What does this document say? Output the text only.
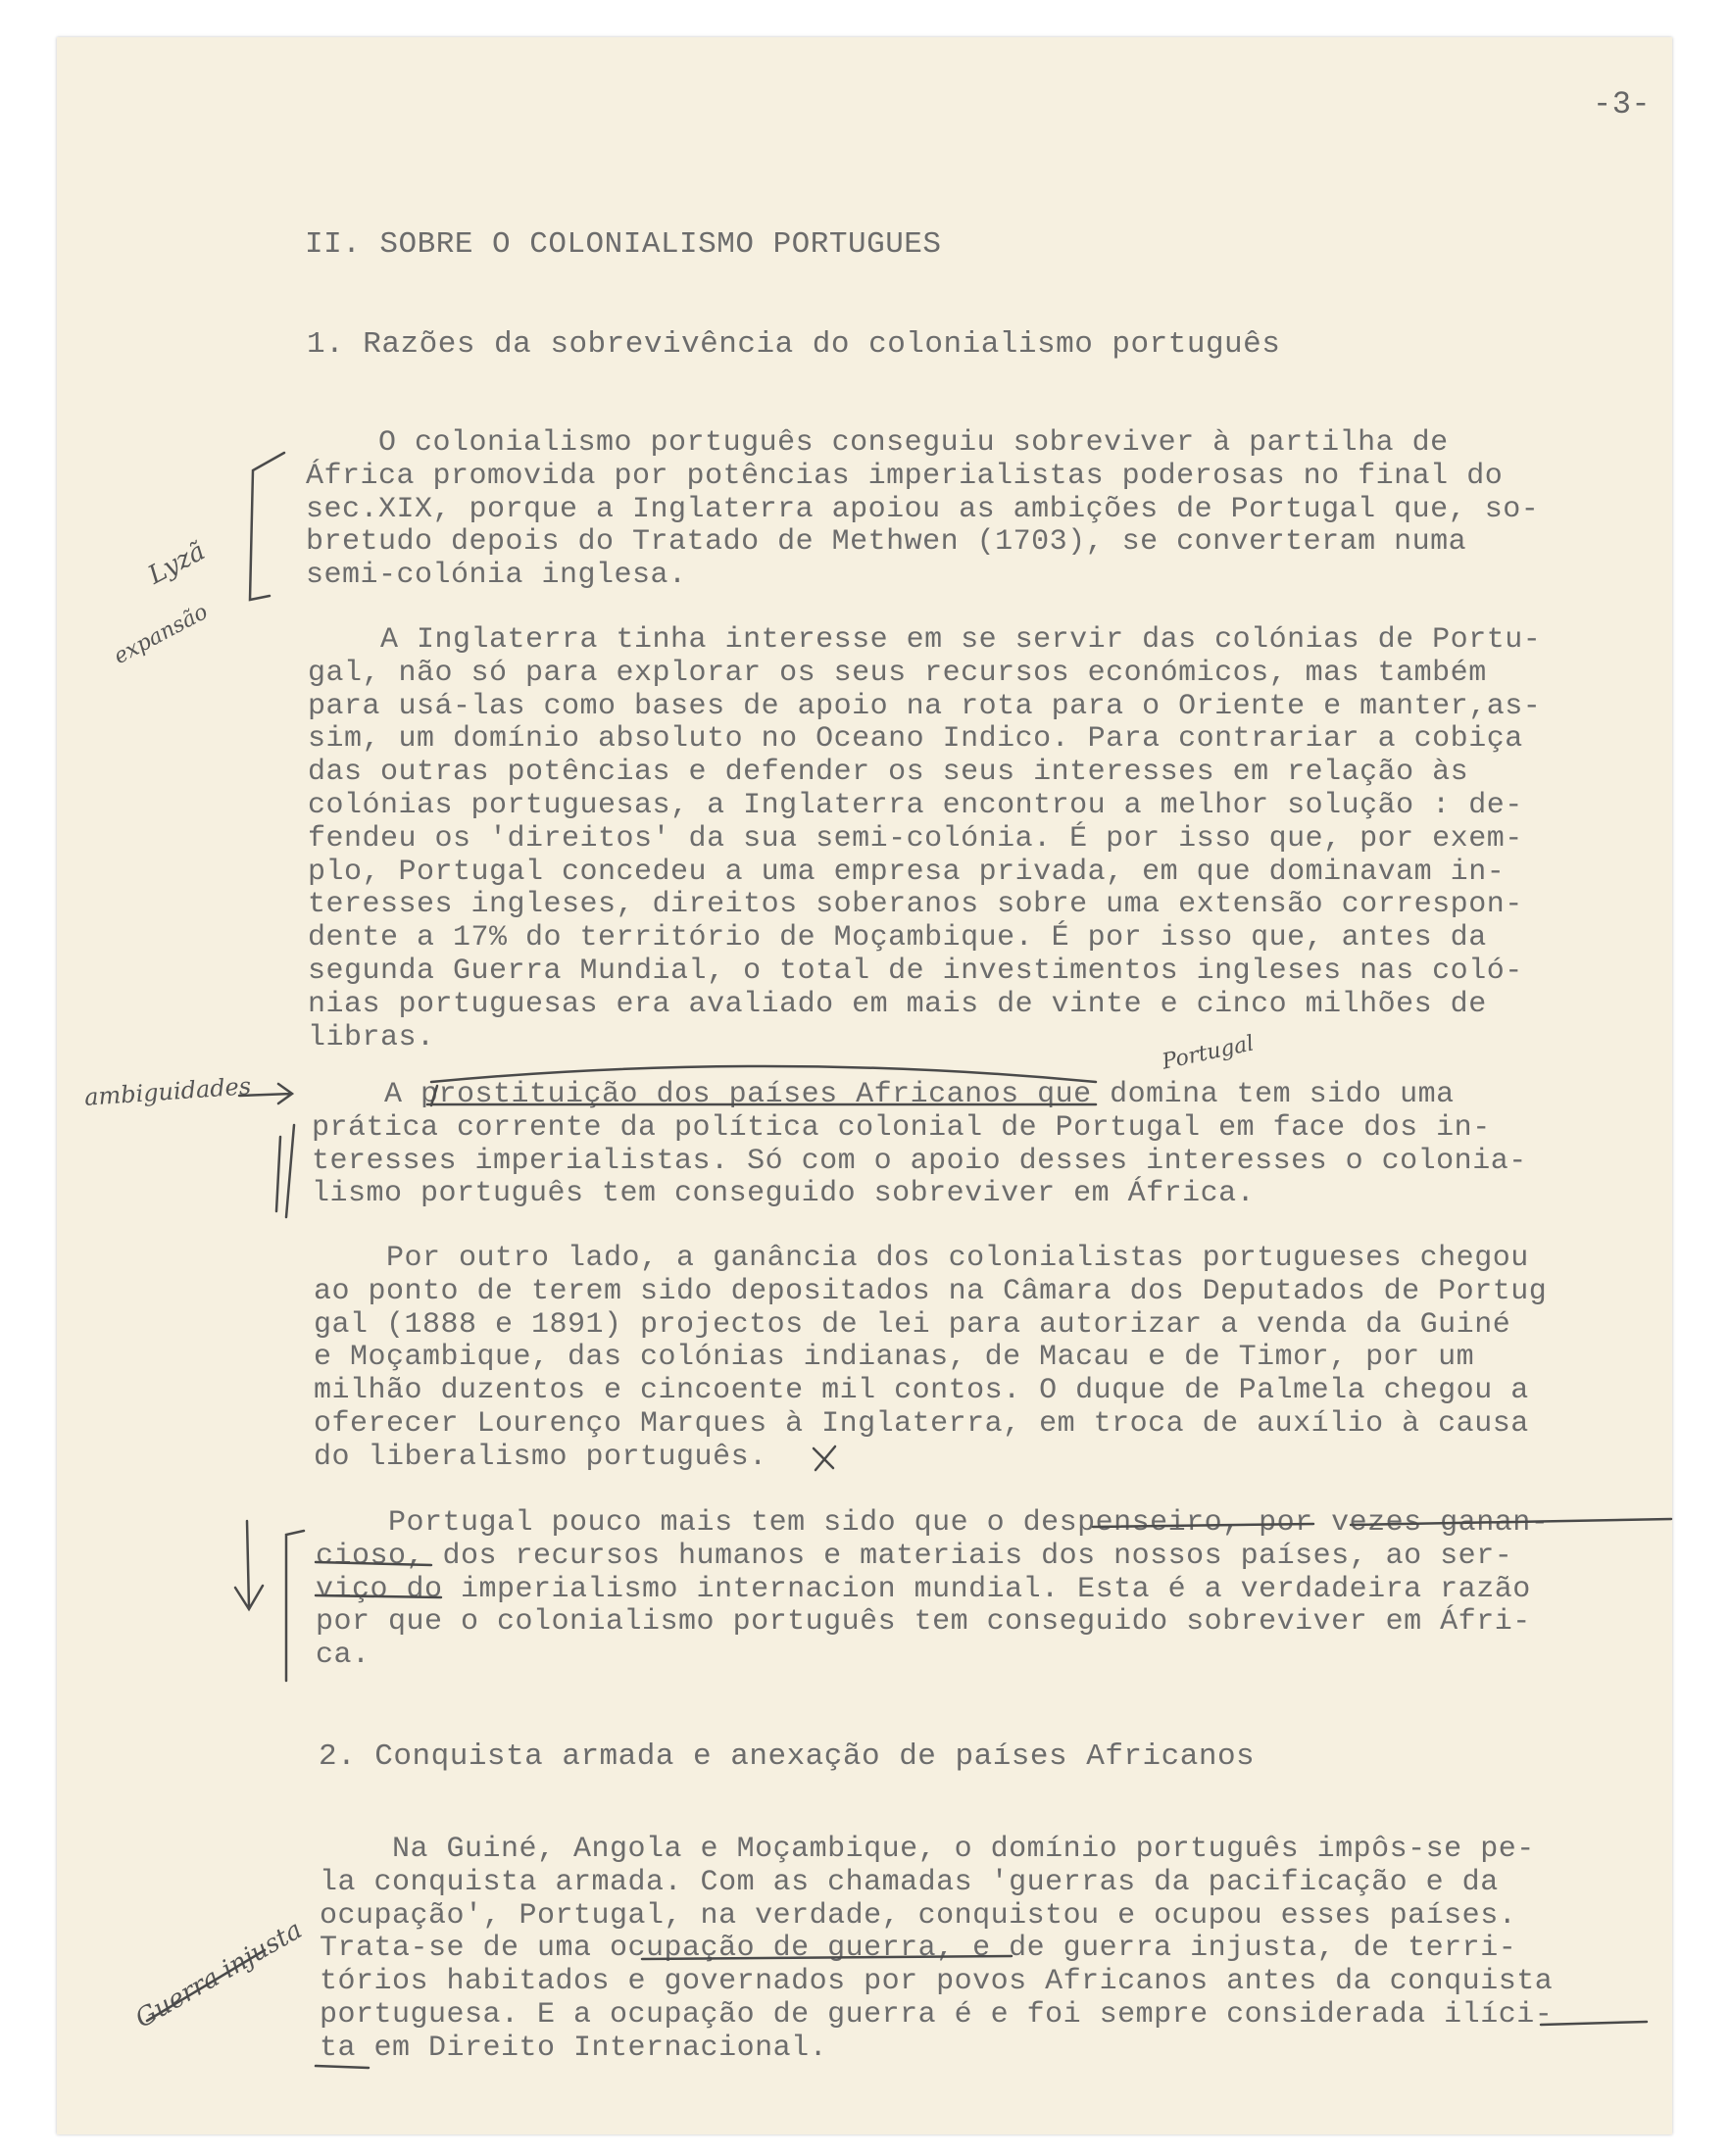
-3-
II. SOBRE O COLONIALISMO PORTUGUES
1. Razões da sobrevivência do colonialismo português
O colonialismo português conseguiu sobreviver à partilha de
África promovida por potências imperialistas poderosas no final do
sec.XIX, porque a Inglaterra apoiou as ambições de Portugal que, so-
bretudo depois do Tratado de Methwen (1703), se converteram numa
semi-colónia inglesa.
A Inglaterra tinha interesse em se servir das colónias de Portu-
gal, não só para explorar os seus recursos económicos, mas também
para usá-las como bases de apoio na rota para o Oriente e manter,as-
sim, um domínio absoluto no Oceano Indico. Para contrariar a cobiça
das outras potências e defender os seus interesses em relação às
colónias portuguesas, a Inglaterra encontrou a melhor solução : de-
fendeu os 'direitos' da sua semi-colónia. É por isso que, por exem-
plo, Portugal concedeu a uma empresa privada, em que dominavam in-
teresses ingleses, direitos soberanos sobre uma extensão correspon-
dente a 17% do território de Moçambique. É por isso que, antes da
segunda Guerra Mundial, o total de investimentos ingleses nas coló-
nias portuguesas era avaliado em mais de vinte e cinco milhões de
libras.
A prostituição dos países Africanos que domina tem sido uma
prática corrente da política colonial de Portugal em face dos in-
teresses imperialistas. Só com o apoio desses interesses o colonia-
lismo português tem conseguido sobreviver em África.
Por outro lado, a ganância dos colonialistas portugueses chegou
ao ponto de terem sido depositados na Câmara dos Deputados de Portug
gal (1888 e 1891) projectos de lei para autorizar a venda da Guiné
e Moçambique, das colónias indianas, de Macau e de Timor, por um
milhão duzentos e cincoente mil contos. O duque de Palmela chegou a
oferecer Lourenço Marques à Inglaterra, em troca de auxílio à causa
do liberalismo português.
Portugal pouco mais tem sido que o despenseiro, por vezes ganan-
cioso, dos recursos humanos e materiais dos nossos países, ao ser-
viço do imperialismo internacion mundial. Esta é a verdadeira razão
por que o colonialismo português tem conseguido sobreviver em Áfri-
ca.
2. Conquista armada e anexação de países Africanos
Na Guiné, Angola e Moçambique, o domínio português impôs-se pe-
la conquista armada. Com as chamadas 'guerras da pacificação e da
ocupação', Portugal, na verdade, conquistou e ocupou esses países.
Trata-se de uma ocupação de guerra, e de guerra injusta, de terri-
tórios habitados e governados por povos Africanos antes da conquista
portuguesa. E a ocupação de guerra é e foi sempre considerada ilíci-
ta em Direito Internacional.
Lyzã
expansão
ambiguidades
Portugal
Guerra injusta
